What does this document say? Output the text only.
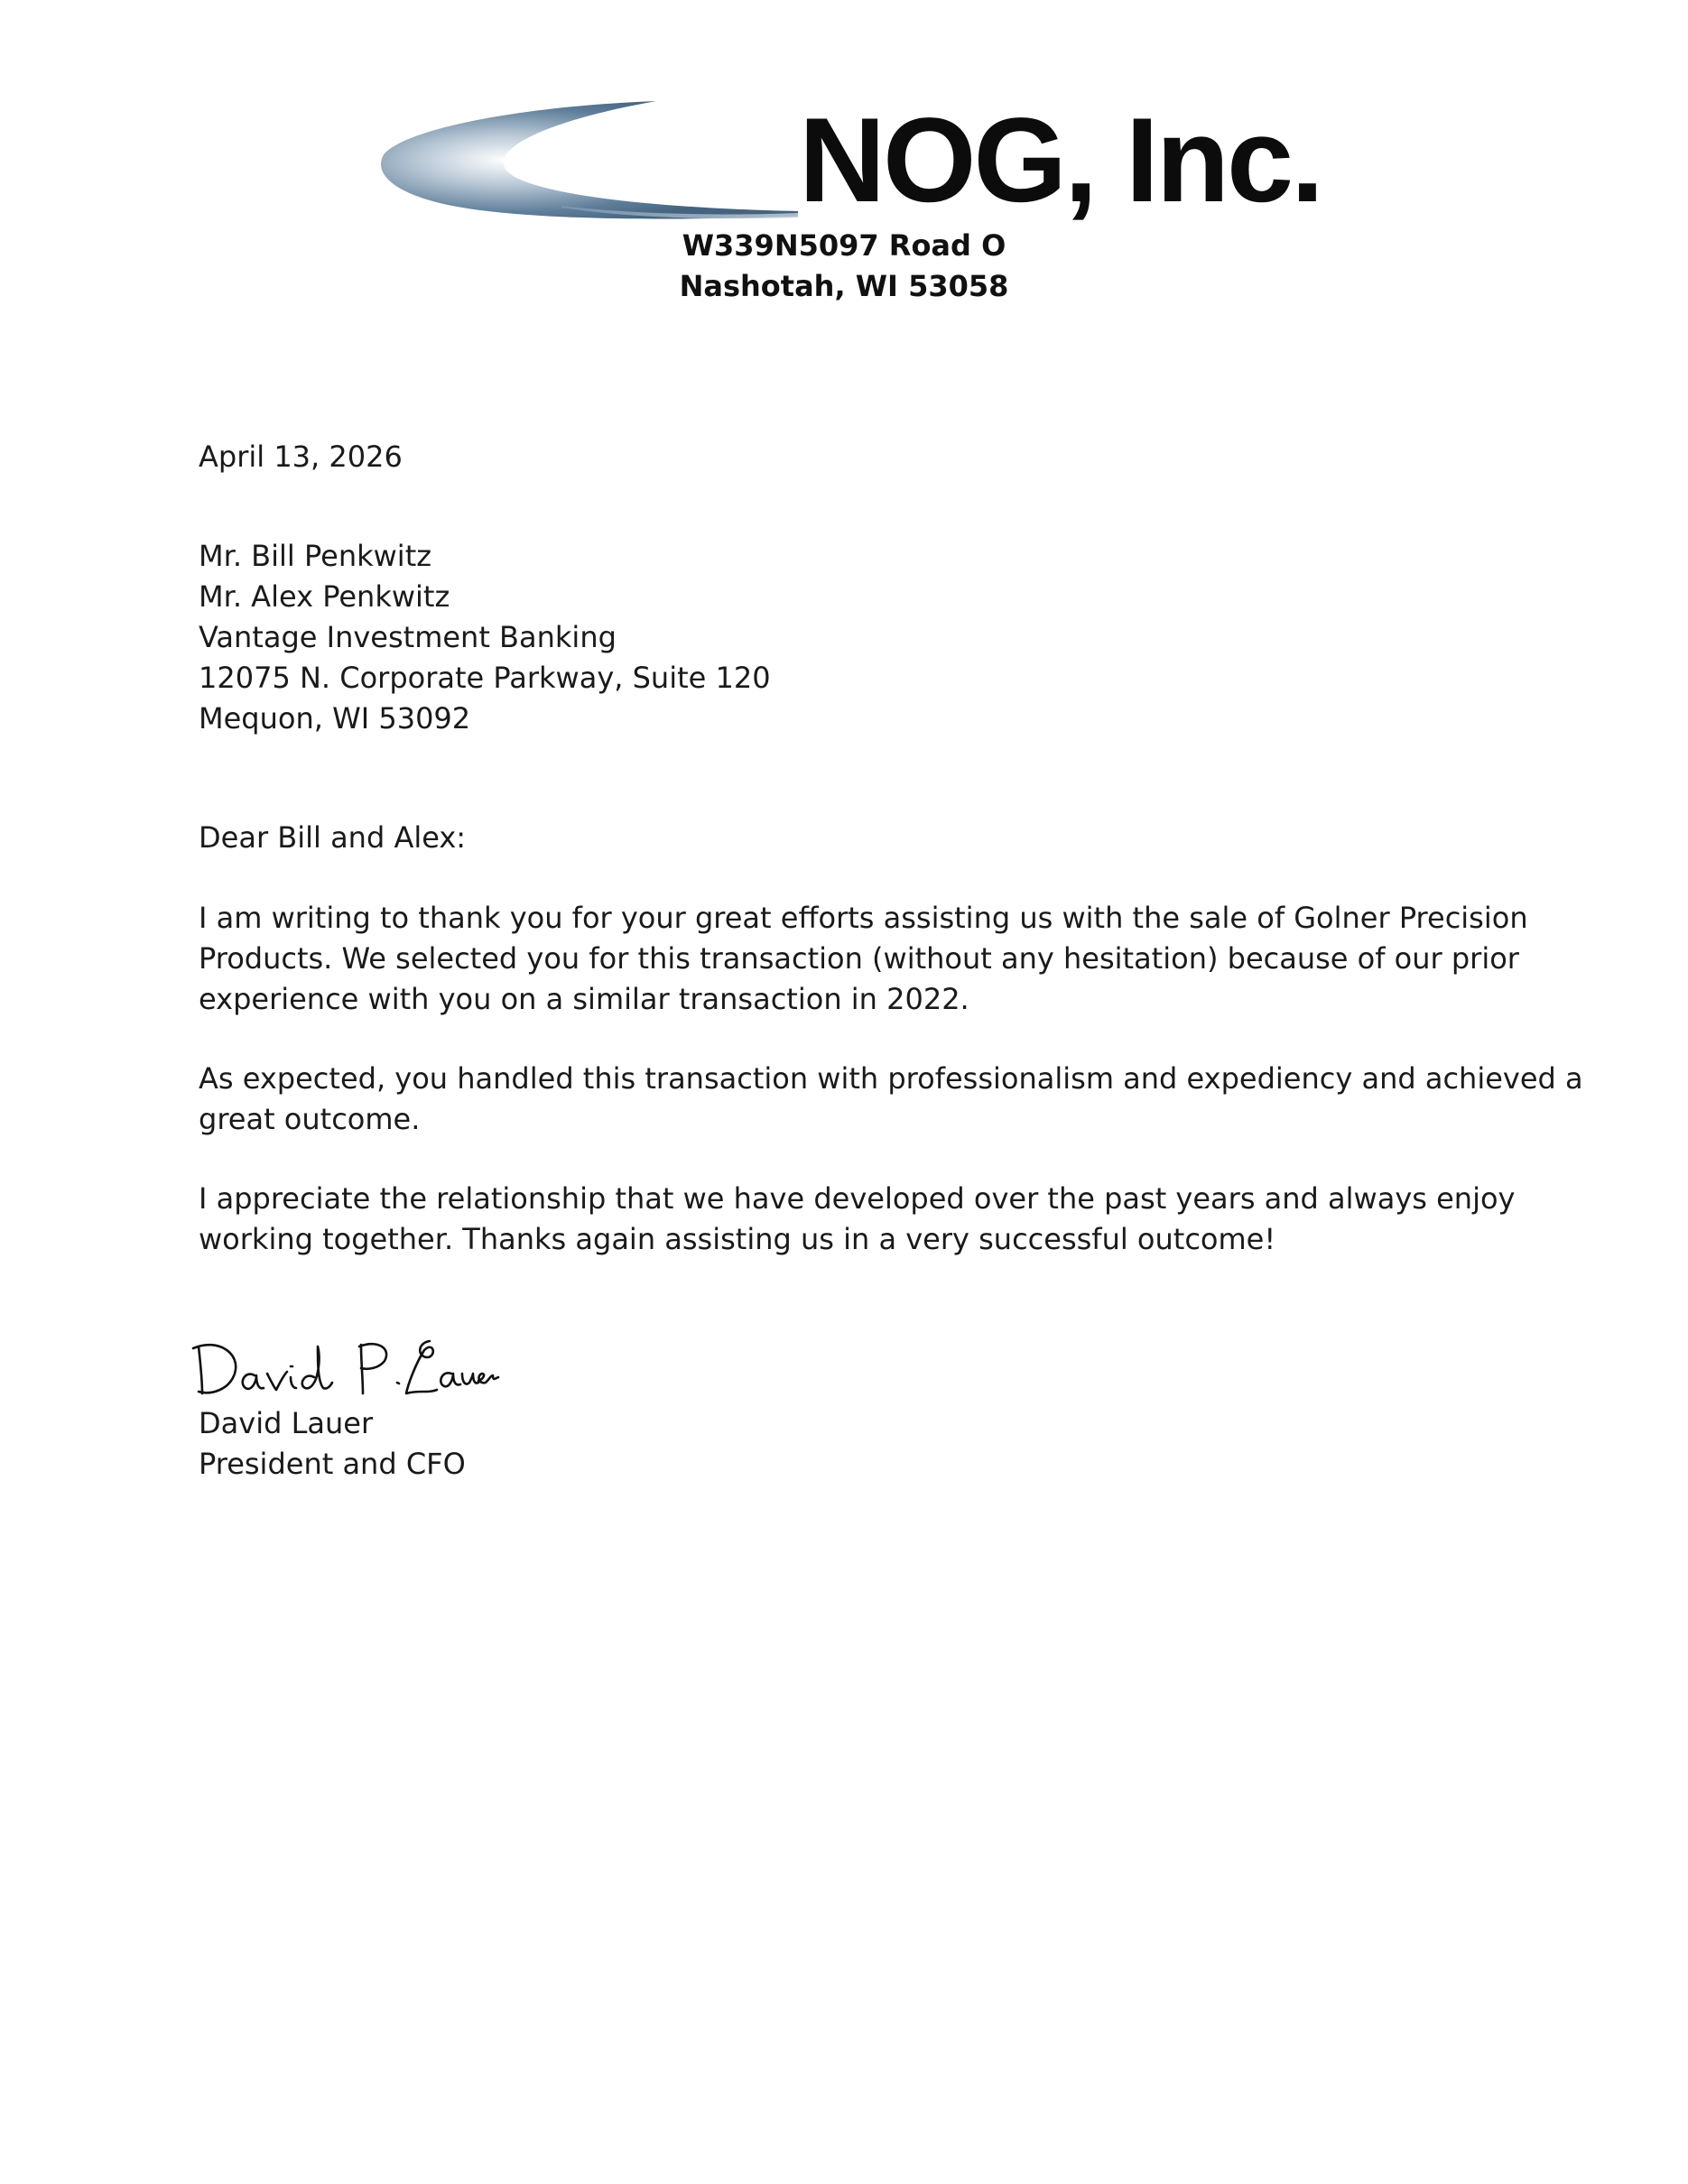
NOG, Inc.
W339N5097 Road O
Nashotah, WI 53058
April 13, 2026
Mr. Bill Penkwitz
Mr. Alex Penkwitz
Vantage Investment Banking
12075 N. Corporate Parkway, Suite 120
Mequon, WI 53092
Dear Bill and Alex:
I am writing to thank you for your great efforts assisting us with the sale of Golner Precision
Products. We selected you for this transaction (without any hesitation) because of our prior
experience with you on a similar transaction in 2022.
As expected, you handled this transaction with professionalism and expediency and achieved a
great outcome.
I appreciate the relationship that we have developed over the past years and always enjoy
working together. Thanks again assisting us in a very successful outcome!
David Lauer
President and CFO
